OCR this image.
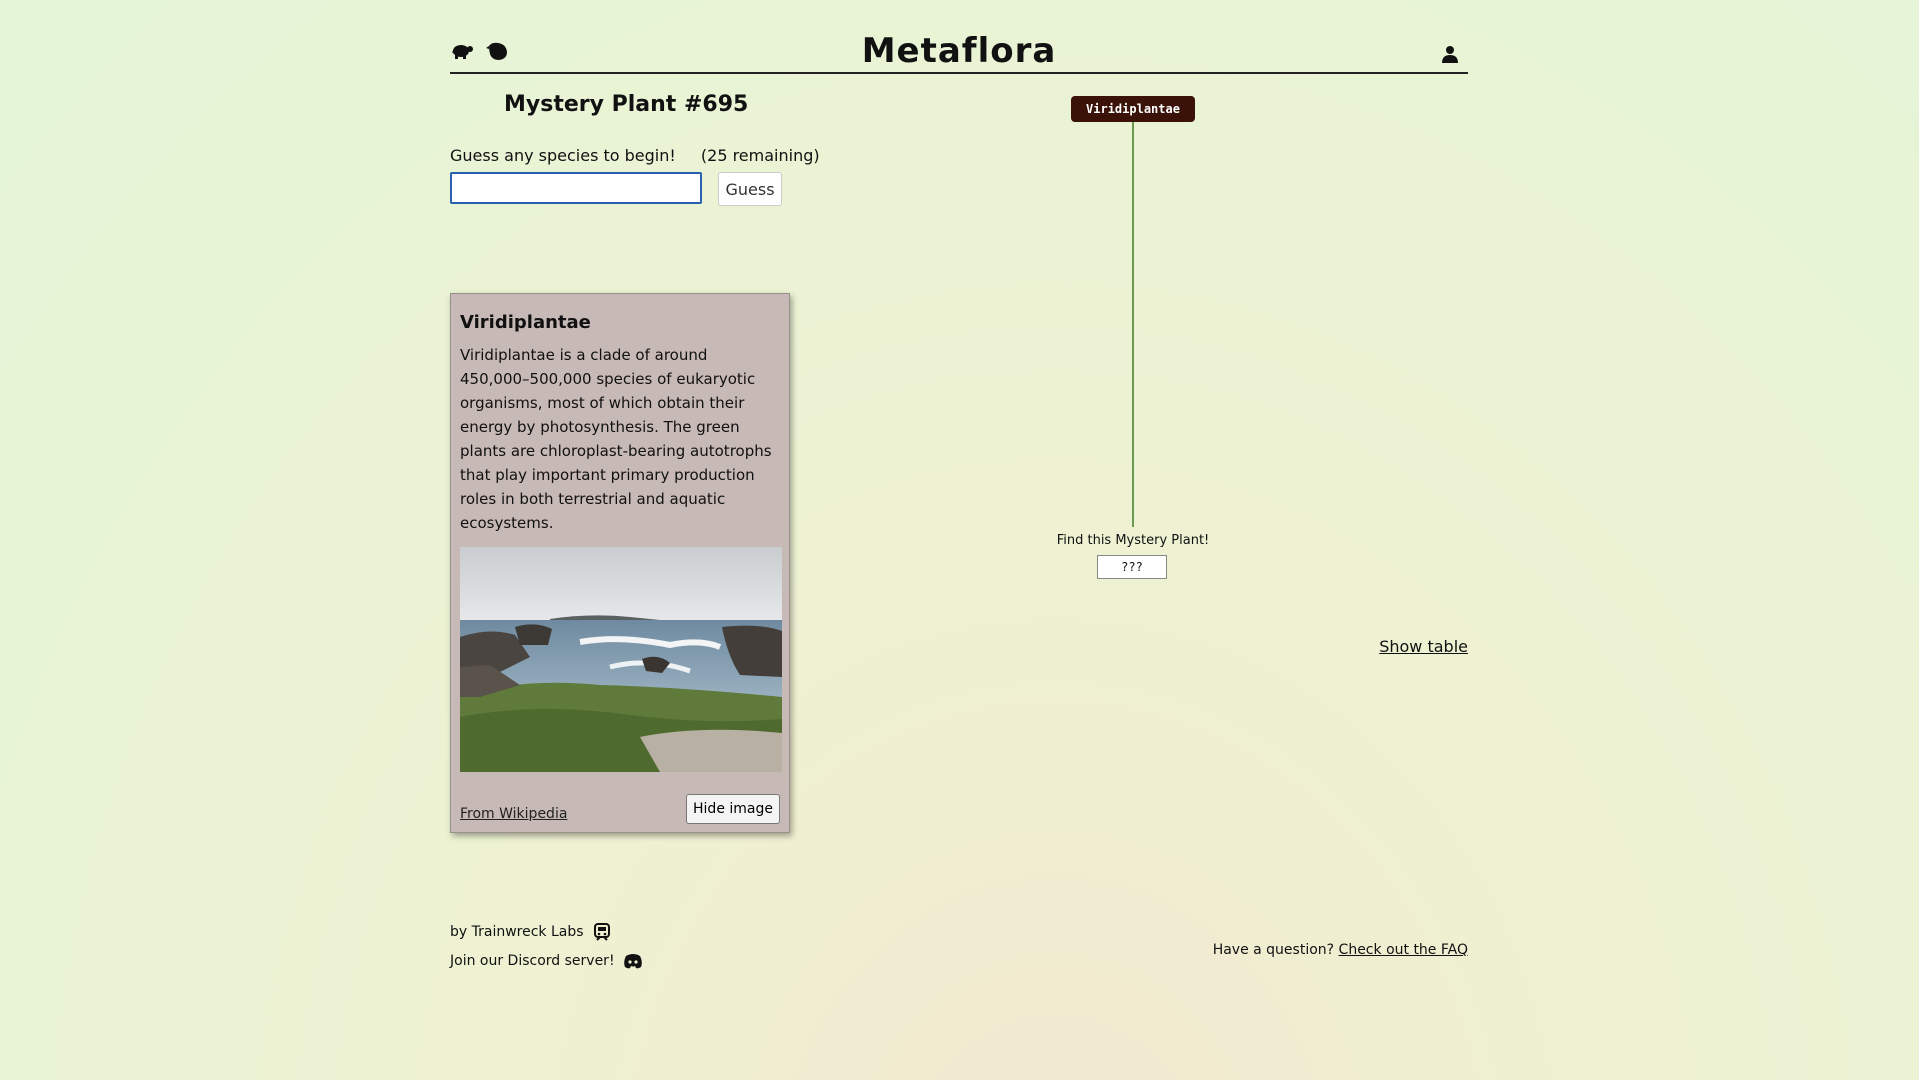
Metaflora
Mystery Plant #695
Guess any species to begin! (25 remaining)
Guess
Viridiplantae

Viridiplantae is a clade of around 450,000–500,000 species of eukaryotic organisms, most of which obtain their energy by photosynthesis. The green plants are chloroplast-bearing autotrophs that play important primary production roles in both terrestrial and aquatic ecosystems.

From Wikipedia	Hide image
Viridiplantae
Find this Mystery Plant!
???
Show table
by Trainwreck Labs
Join our Discord server!
Have a question? Check out the FAQ
